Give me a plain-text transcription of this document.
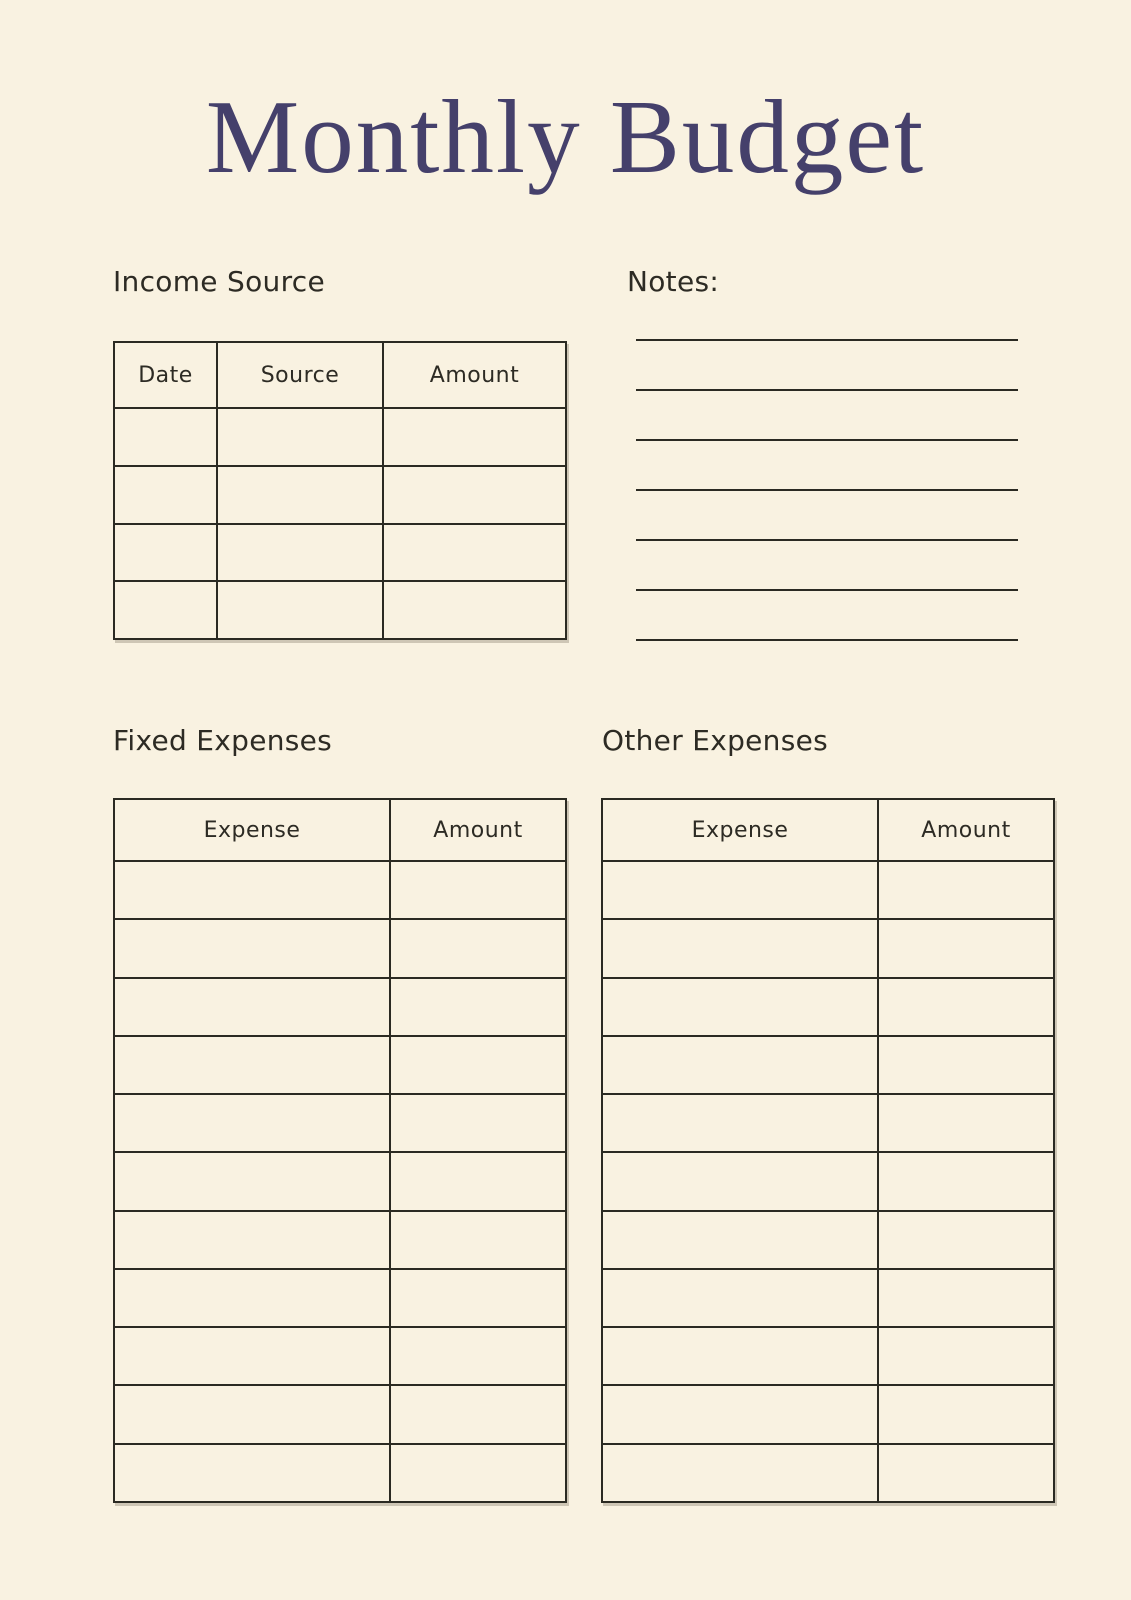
Monthly Budget
Income Source	Notes:
Date	Source	Amount

Fixed Expenses	Other Expenses
Expense	Amount

		Expense	Amount
